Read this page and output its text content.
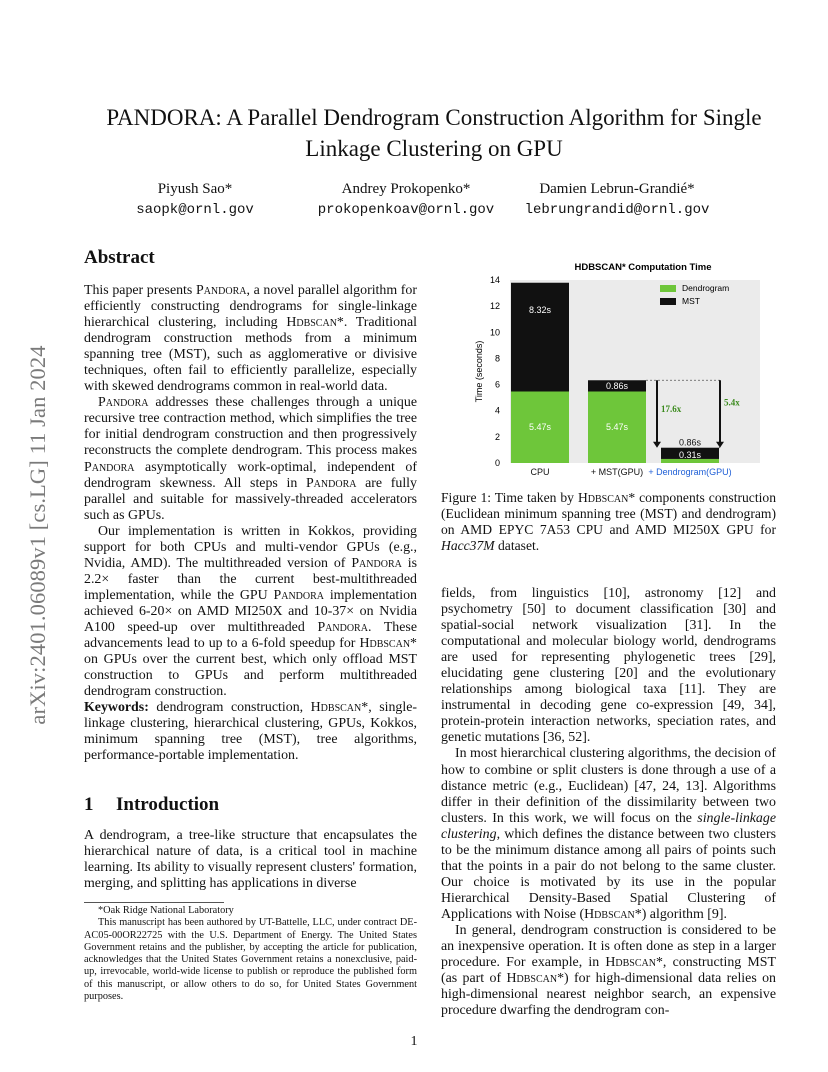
arXiv:2401.06089v1 [cs.LG] 11 Jan 2024
PANDORA: A Parallel Dendrogram Construction Algorithm for Single Linkage Clustering on GPU
Piyush Sao*
saopk@ornl.gov
Andrey Prokopenko*
prokopenkoav@ornl.gov
Damien Lebrun-Grandié*
lebrungrandid@ornl.gov
Abstract

This paper presents Pandora, a novel parallel algorithm for efficiently constructing dendrograms for single-linkage hierarchical clustering, including Hdbscan*. Traditional dendrogram construction methods from a minimum spanning tree (MST), such as agglomerative or divisive techniques, often fail to efficiently parallelize, especially with skewed dendrograms common in real-world data.

Pandora addresses these challenges through a unique recursive tree contraction method, which simplifies the tree for initial dendrogram construction and then progressively reconstructs the complete dendrogram. This process makes Pandora asymptotically work-optimal, independent of dendrogram skewness. All steps in Pandora are fully parallel and suitable for massively-threaded accelerators such as GPUs.

Our implementation is written in Kokkos, providing support for both CPUs and multi-vendor GPUs (e.g., Nvidia, AMD). The multithreaded version of Pandora is 2.2× faster than the current best-multithreaded implementation, while the GPU Pandora implementation achieved 6-20× on AMD MI250X and 10-37× on Nvidia A100 speed-up over multithreaded Pandora. These advancements lead to up to a 6-fold speedup for Hdbscan* on GPUs over the current best, which only offload MST construction to GPUs and perform multithreaded dendrogram construction.

Keywords: dendrogram construction, Hdbscan*, single-linkage clustering, hierarchical clustering, GPUs, Kokkos, minimum spanning tree (MST), tree algorithms, performance-portable implementation.

1 Introduction

A dendrogram, a tree-like structure that encapsulates the hierarchical nature of data, is a critical tool in machine learning. Its ability to visually represent clusters' formation, merging, and splitting has applications in diverse

*Oak Ridge National Laboratory

This manuscript has been authored by UT-Battelle, LLC, under contract DE-AC05-00OR22725 with the U.S. Department of Energy. The United States Government retains and the publisher, by accepting the article for publication, acknowledges that the United States Government retains a nonexclusive, paid-up, irrevocable, world-wide license to publish or reproduce the published form of this manuscript, or allow others to do so, for United States Government purposes.

HDBSCAN* Computation Time
Time (seconds)
0
2
4
6
8
10
12
14
5.47s
8.32s
CPU
5.47s
0.86s
+ MST(GPU)
0.31s
0.86s
+ Dendrogram(GPU)
17.6x
5.4x
Dendrogram
MST

Figure 1: Time taken by Hdbscan* components construction (Euclidean minimum spanning tree (MST) and dendrogram) on AMD EPYC 7A53 CPU and AMD MI250X GPU for Hacc37M dataset.

fields, from linguistics [10], astronomy [12] and psychometry [50] to document classification [30] and spatial-social network visualization [31]. In the computational and molecular biology world, dendrograms are used for representing phylogenetic trees [29], elucidating gene clustering [20] and the evolutionary relationships among biological taxa [11]. They are instrumental in decoding gene co-expression [49, 34], protein-protein interaction networks, speciation rates, and genetic mutations [36, 52].

In most hierarchical clustering algorithms, the decision of how to combine or split clusters is done through a use of a distance metric (e.g., Euclidean) [47, 24, 13]. Algorithms differ in their definition of the dissimilarity between two clusters. In this work, we will focus on the single-linkage clustering, which defines the distance between two clusters to be the minimum distance among all pairs of points such that the points in a pair do not belong to the same cluster. Our choice is motivated by its use in the popular Hierarchical Density-Based Spatial Clustering of Applications with Noise (Hdbscan*) algorithm [9].

In general, dendrogram construction is considered to be an inexpensive operation. It is often done as step in a larger procedure. For example, in Hdbscan*, constructing MST (as part of Hdbscan*) for high-dimensional data relies on high-dimensional nearest neighbor search, an expensive procedure dwarfing the dendrogram con-

1
